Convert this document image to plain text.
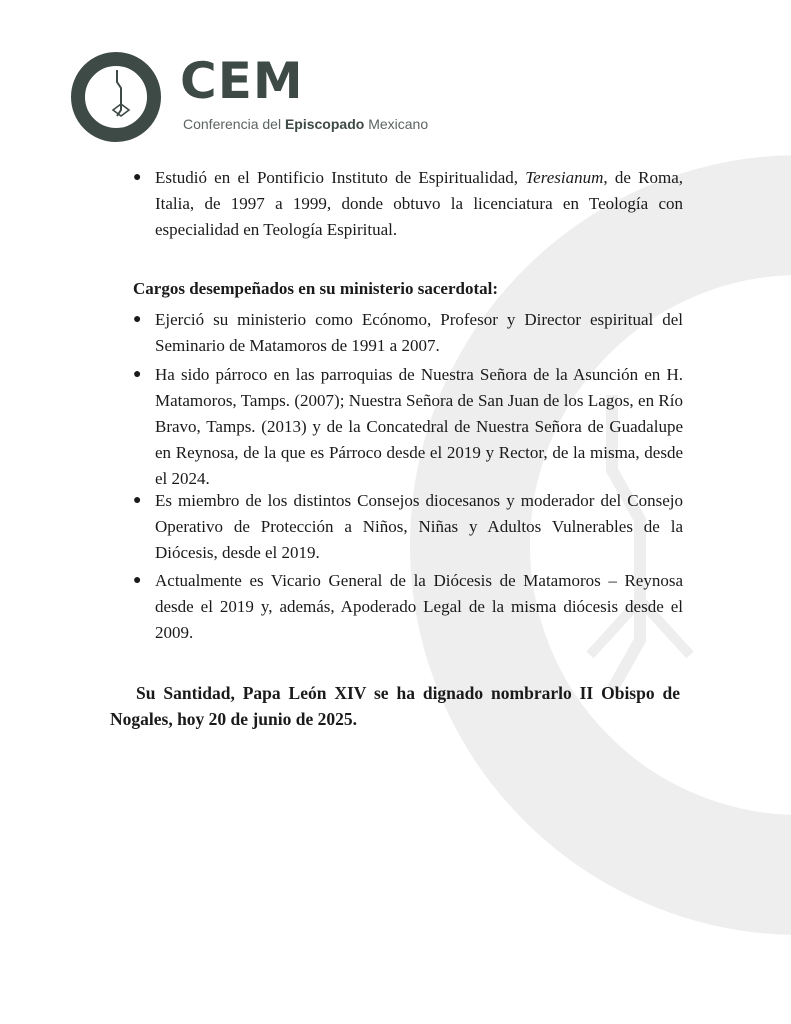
CEM
Conferencia del Episcopado Mexicano
● Estudió en el Pontificio Instituto de Espiritualidad, Teresianum, de Roma, Italia, de 1997 a 1999, donde obtuvo la licenciatura en Teología con especialidad en Teología Espiritual.

Cargos desempeñados en su ministerio sacerdotal:

● Ejerció su ministerio como Ecónomo, Profesor y Director espiritual del Seminario de Matamoros de 1991 a 2007.

● Ha sido párroco en las parroquias de Nuestra Señora de la Asunción en H. Matamoros, Tamps. (2007); Nuestra Señora de San Juan de los Lagos, en Río Bravo, Tamps. (2013) y de la Concatedral de Nuestra Señora de Guadalupe en Reynosa, de la que es Párroco desde el 2019 y Rector, de la misma, desde el 2024.

● Es miembro de los distintos Consejos diocesanos y moderador del Consejo Operativo de Protección a Niños, Niñas y Adultos Vulnerables de la Diócesis, desde el 2019.

● Actualmente es Vicario General de la Diócesis de Matamoros – Reynosa desde el 2019 y, además, Apoderado Legal de la misma diócesis desde el 2009.

Su Santidad, Papa León XIV se ha dignado nombrarlo II Obispo de Nogales, hoy 20 de junio de 2025.
